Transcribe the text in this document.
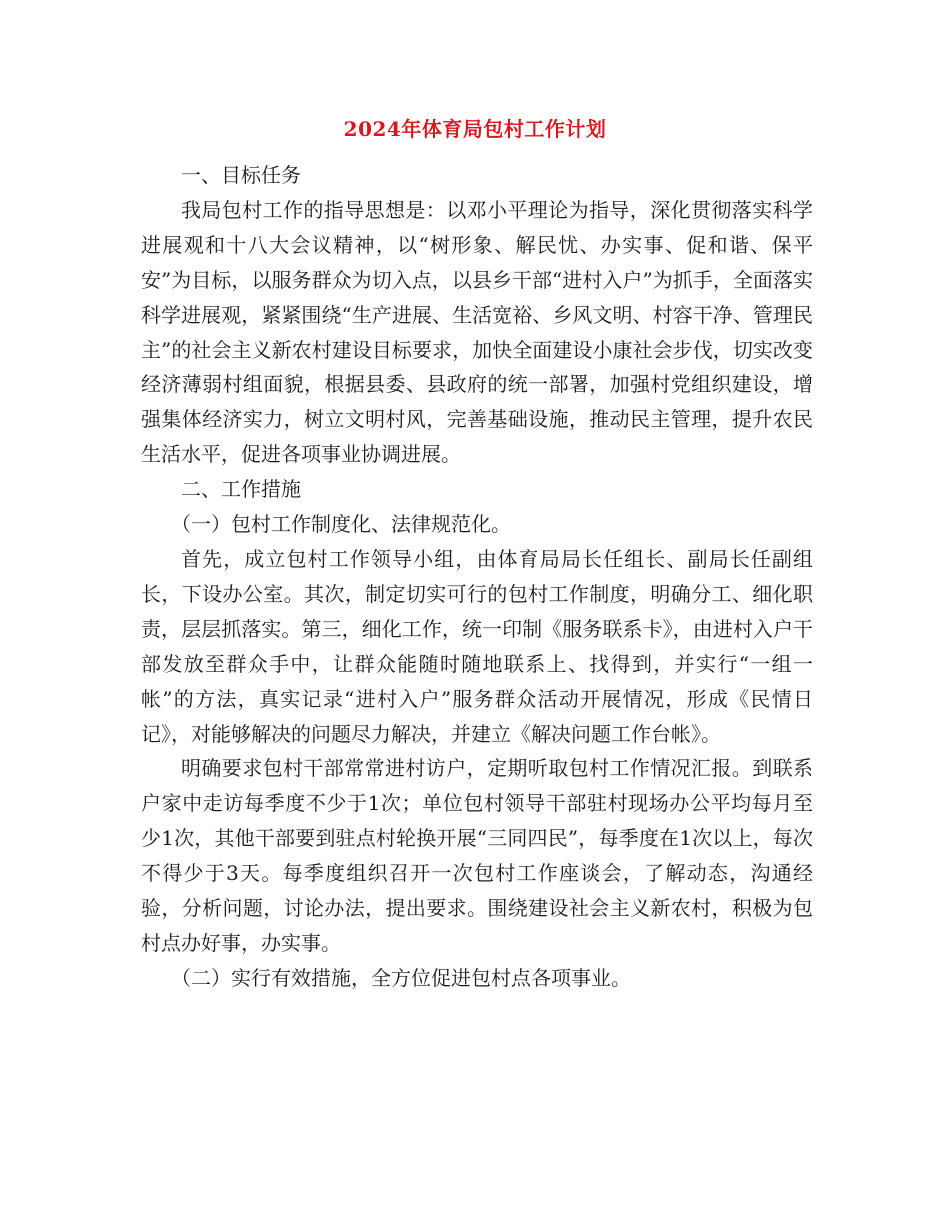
2024年体育局包村工作计划

一、目标任务

我局包村工作的指导思想是：以邓小平理论为指导，深化贯彻落实科学进展观和十八大会议精神，以“树形象、解民忧、办实事、促和谐、保平安”为目标，以服务群众为切入点，以县乡干部“进村入户”为抓手，全面落实科学进展观，紧紧围绕“生产进展、生活宽裕、乡风文明、村容干净、管理民主”的社会主义新农村建设目标要求，加快全面建设小康社会步伐，切实改变经济薄弱村组面貌，根据县委、县政府的统一部署，加强村党组织建设，增强集体经济实力，树立文明村风，完善基础设施，推动民主管理，提升农民生活水平，促进各项事业协调进展。

二、工作措施

（一）包村工作制度化、法律规范化。

首先，成立包村工作领导小组，由体育局局长任组长、副局长任副组长，下设办公室。其次，制定切实可行的包村工作制度，明确分工、细化职责，层层抓落实。第三，细化工作，统一印制《服务联系卡》，由进村入户干部发放至群众手中，让群众能随时随地联系上、找得到，并实行“一组一帐”的方法，真实记录“进村入户”服务群众活动开展情况，形成《民情日记》，对能够解决的问题尽力解决，并建立《解决问题工作台帐》。

明确要求包村干部常常进村访户，定期听取包村工作情况汇报。到联系户家中走访每季度不少于1次；单位包村领导干部驻村现场办公平均每月至少1次，其他干部要到驻点村轮换开展“三同四民”，每季度在1次以上，每次不得少于3天。每季度组织召开一次包村工作座谈会，了解动态，沟通经验，分析问题，讨论办法，提出要求。围绕建设社会主义新农村，积极为包村点办好事，办实事。

（二）实行有效措施，全方位促进包村点各项事业。
